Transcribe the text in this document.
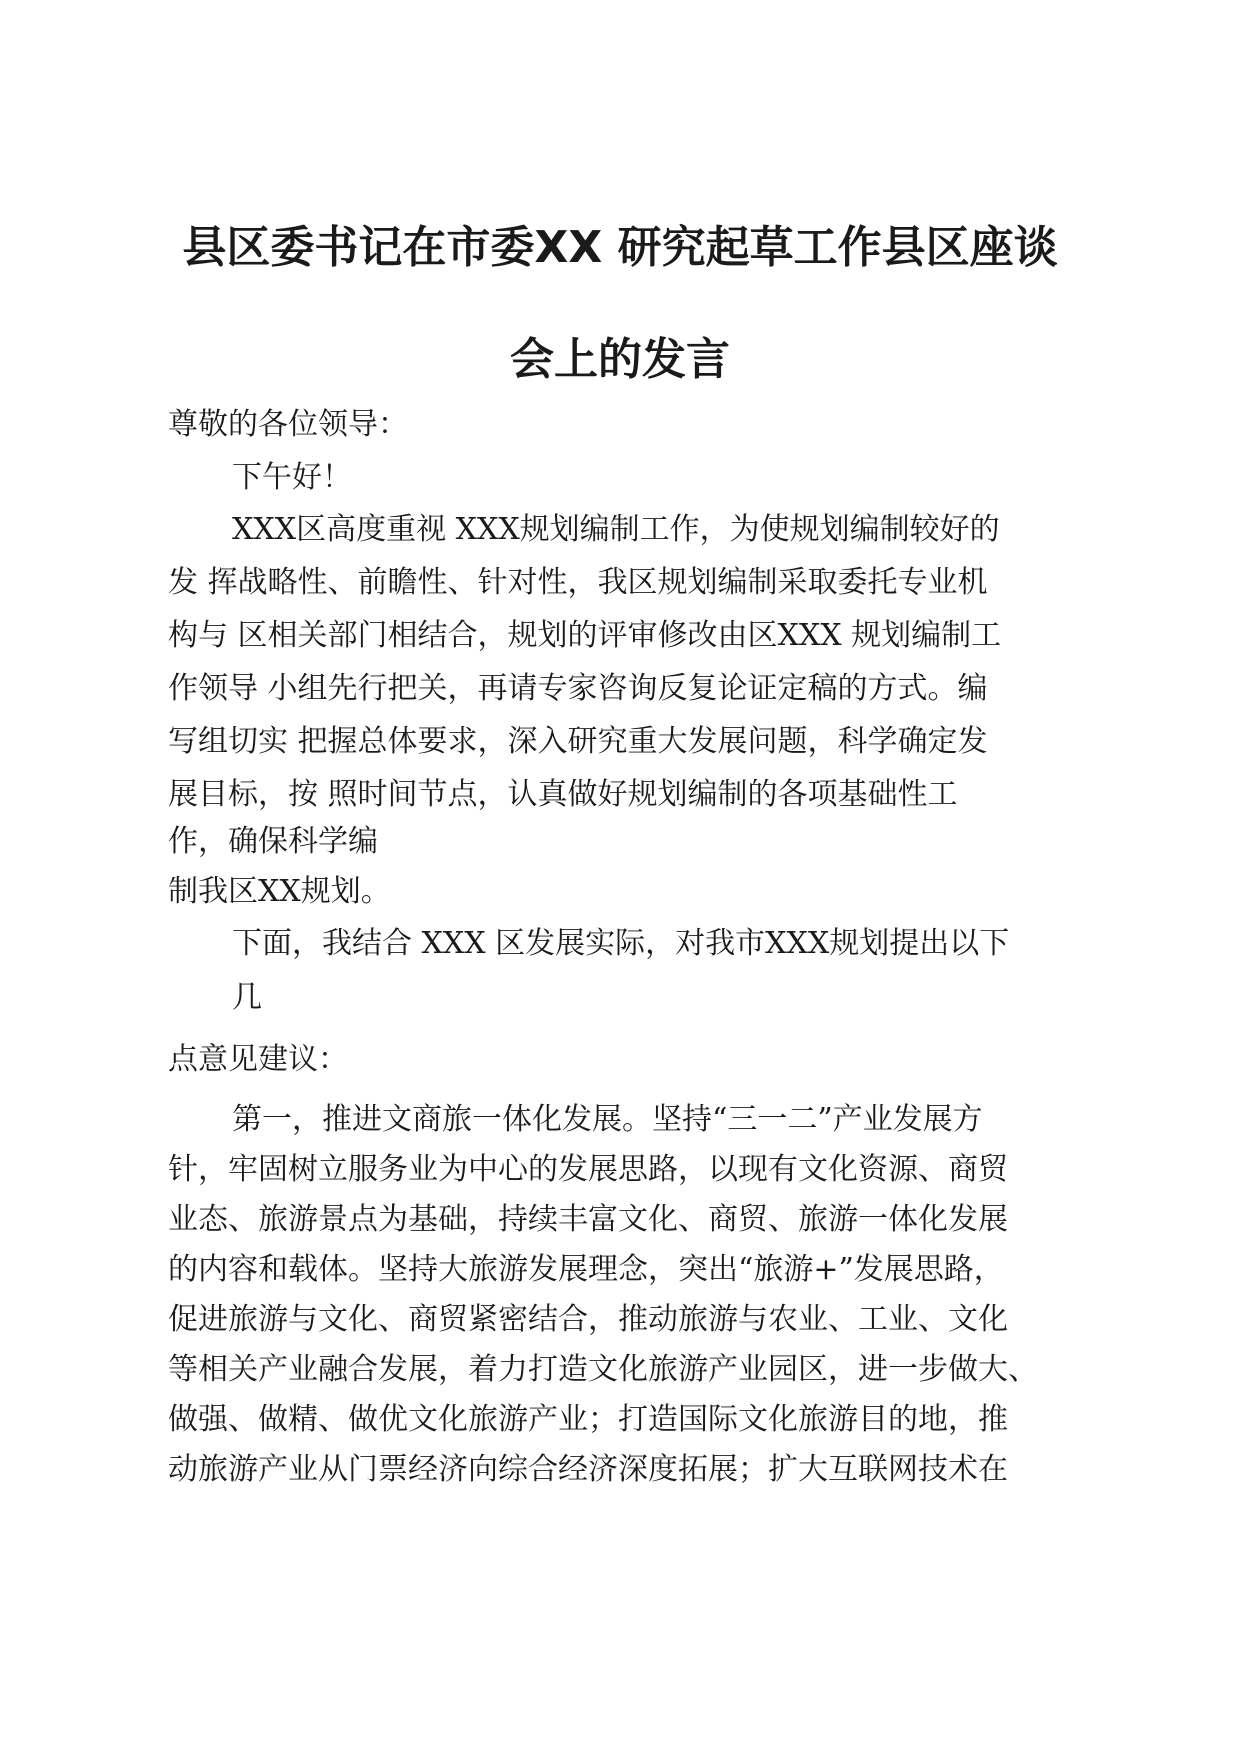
县区委书记在市委XX 研究起草工作县区座谈
会上的发言
尊敬的各位领导：
下午好！
XXX区高度重视 XXX规划编制工作，为使规划编制较好的
发 挥战略性、前瞻性、针对性，我区规划编制采取委托专业机
构与 区相关部门相结合，规划的评审修改由区XXX 规划编制工
作领导 小组先行把关，再请专家咨询反复论证定稿的方式。编
写组切实 把握总体要求，深入研究重大发展问题，科学确定发
展目标，按 照时间节点，认真做好规划编制的各项基础性工
作，确保科学编
制我区XX规划。
下面，我结合 XXX 区发展实际，对我市XXX规划提出以下
几
点意见建议：
第一，推进文商旅一体化发展。坚持“三一二”产业发展方
针，牢固树立服务业为中心的发展思路，以现有文化资源、商贸
业态、旅游景点为基础，持续丰富文化、商贸、旅游一体化发展
的内容和载体。坚持大旅游发展理念，突出“旅游+”发展思路，
促进旅游与文化、商贸紧密结合，推动旅游与农业、工业、文化
等相关产业融合发展，着力打造文化旅游产业园区，进一步做大、
做强、做精、做优文化旅游产业；打造国际文化旅游目的地，推
动旅游产业从门票经济向综合经济深度拓展；扩大互联网技术在
